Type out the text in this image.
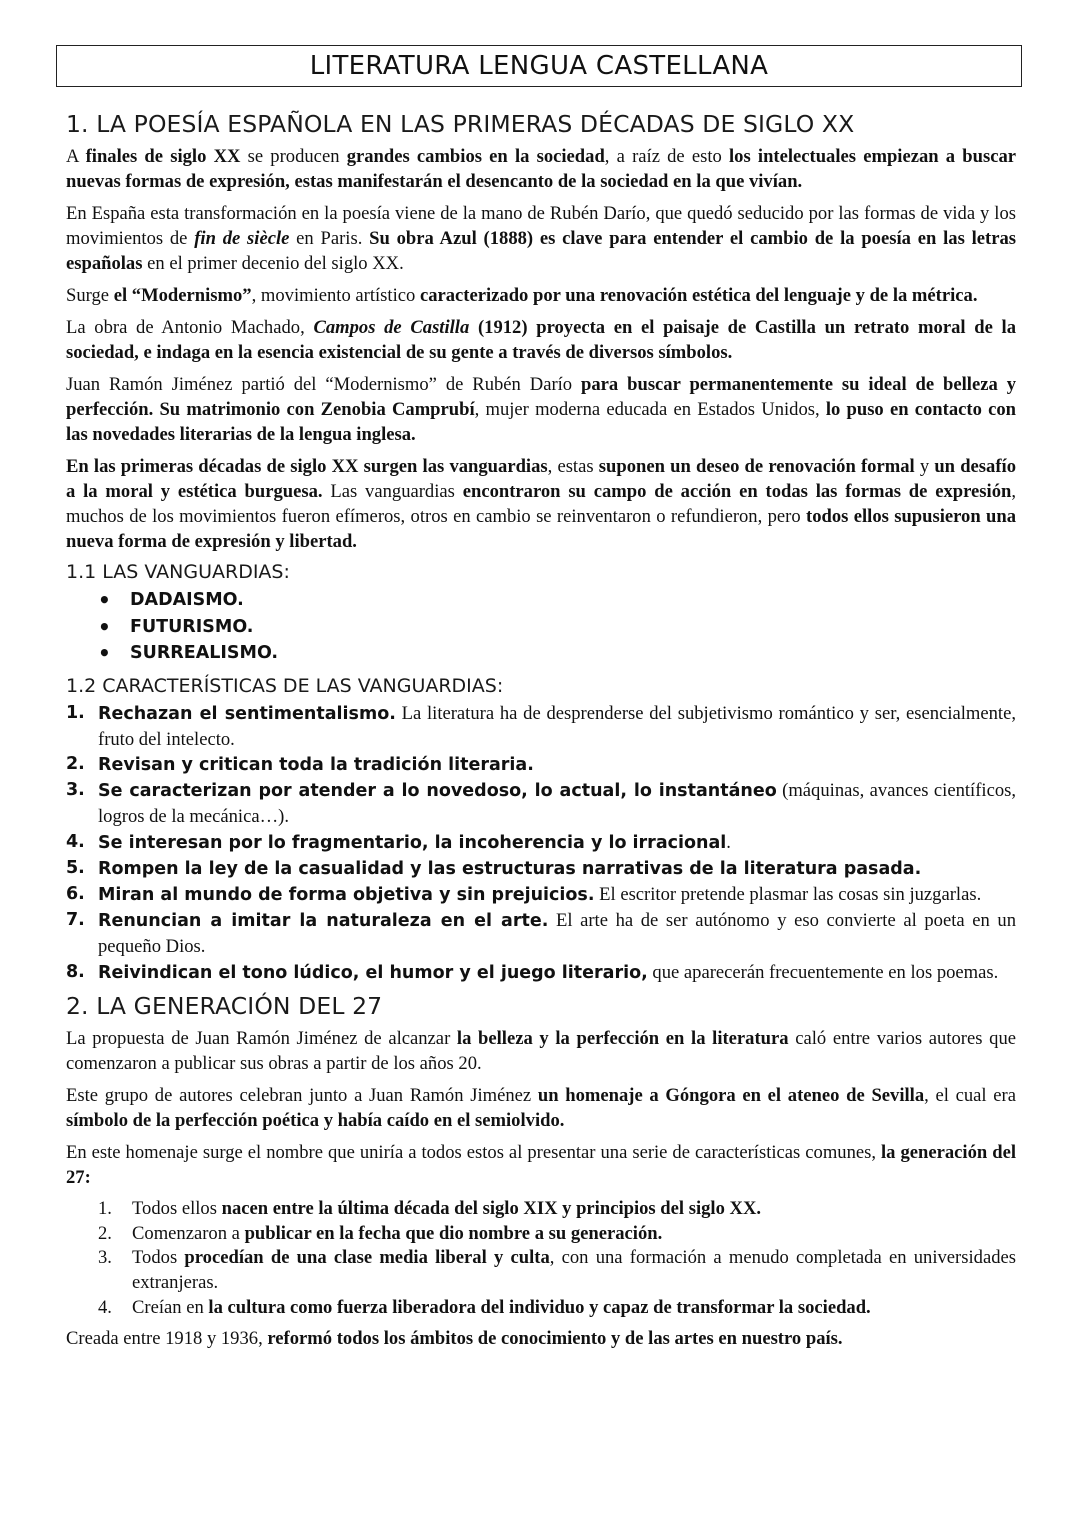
LITERATURA LENGUA CASTELLANA
1. LA POESÍA ESPAÑOLA EN LAS PRIMERAS DÉCADAS DE SIGLO XX

A finales de siglo XX se producen grandes cambios en la sociedad, a raíz de esto los intelectuales empiezan a buscar nuevas formas de expresión, estas manifestarán el desencanto de la sociedad en la que vivían.

En España esta transformación en la poesía viene de la mano de Rubén Darío, que quedó seducido por las formas de vida y los movimientos de fin de siècle en Paris. Su obra Azul (1888) es clave para entender el cambio de la poesía en las letras españolas en el primer decenio del siglo XX.

Surge el “Modernismo”, movimiento artístico caracterizado por una renovación estética del lenguaje y de la métrica.

La obra de Antonio Machado, Campos de Castilla (1912) proyecta en el paisaje de Castilla un retrato moral de la sociedad, e indaga en la esencia existencial de su gente a través de diversos símbolos.

Juan Ramón Jiménez partió del “Modernismo” de Rubén Darío para buscar permanentemente su ideal de belleza y perfección. Su matrimonio con Zenobia Camprubí, mujer moderna educada en Estados Unidos, lo puso en contacto con las novedades literarias de la lengua inglesa.

En las primeras décadas de siglo XX surgen las vanguardias, estas suponen un deseo de renovación formal y un desafío a la moral y estética burguesa. Las vanguardias encontraron su campo de acción en todas las formas de expresión, muchos de los movimientos fueron efímeros, otros en cambio se reinventaron o refundieron, pero todos ellos supusieron una nueva forma de expresión y libertad.

1.1 LAS VANGUARDIAS:
• DADAISMO.
• FUTURISMO.
• SURREALISMO.
1.2 CARACTERÍSTICAS DE LAS VANGUARDIAS:
1. Rechazan el sentimentalismo. La literatura ha de desprenderse del subjetivismo romántico y ser, esencialmente, fruto del intelecto.
2. Revisan y critican toda la tradición literaria.
3. Se caracterizan por atender a lo novedoso, lo actual, lo instantáneo (máquinas, avances científicos, logros de la mecánica…).
4. Se interesan por lo fragmentario, la incoherencia y lo irracional.
5. Rompen la ley de la casualidad y las estructuras narrativas de la literatura pasada.
6. Miran al mundo de forma objetiva y sin prejuicios. El escritor pretende plasmar las cosas sin juzgarlas.
7. Renuncian a imitar la naturaleza en el arte. El arte ha de ser autónomo y eso convierte al poeta en un pequeño Dios.
8. Reivindican el tono lúdico, el humor y el juego literario, que aparecerán frecuentemente en los poemas.
2. LA GENERACIÓN DEL 27

La propuesta de Juan Ramón Jiménez de alcanzar la belleza y la perfección en la literatura caló entre varios autores que comenzaron a publicar sus obras a partir de los años 20.

Este grupo de autores celebran junto a Juan Ramón Jiménez un homenaje a Góngora en el ateneo de Sevilla, el cual era símbolo de la perfección poética y había caído en el semiolvido.

En este homenaje surge el nombre que uniría a todos estos al presentar una serie de características comunes, la generación del 27:

1. Todos ellos nacen entre la última década del siglo XIX y principios del siglo XX.
2. Comenzaron a publicar en la fecha que dio nombre a su generación.
3. Todos procedían de una clase media liberal y culta, con una formación a menudo completada en universidades extranjeras.
4. Creían en la cultura como fuerza liberadora del individuo y capaz de transformar la sociedad.

Creada entre 1918 y 1936, reformó todos los ámbitos de conocimiento y de las artes en nuestro país.
